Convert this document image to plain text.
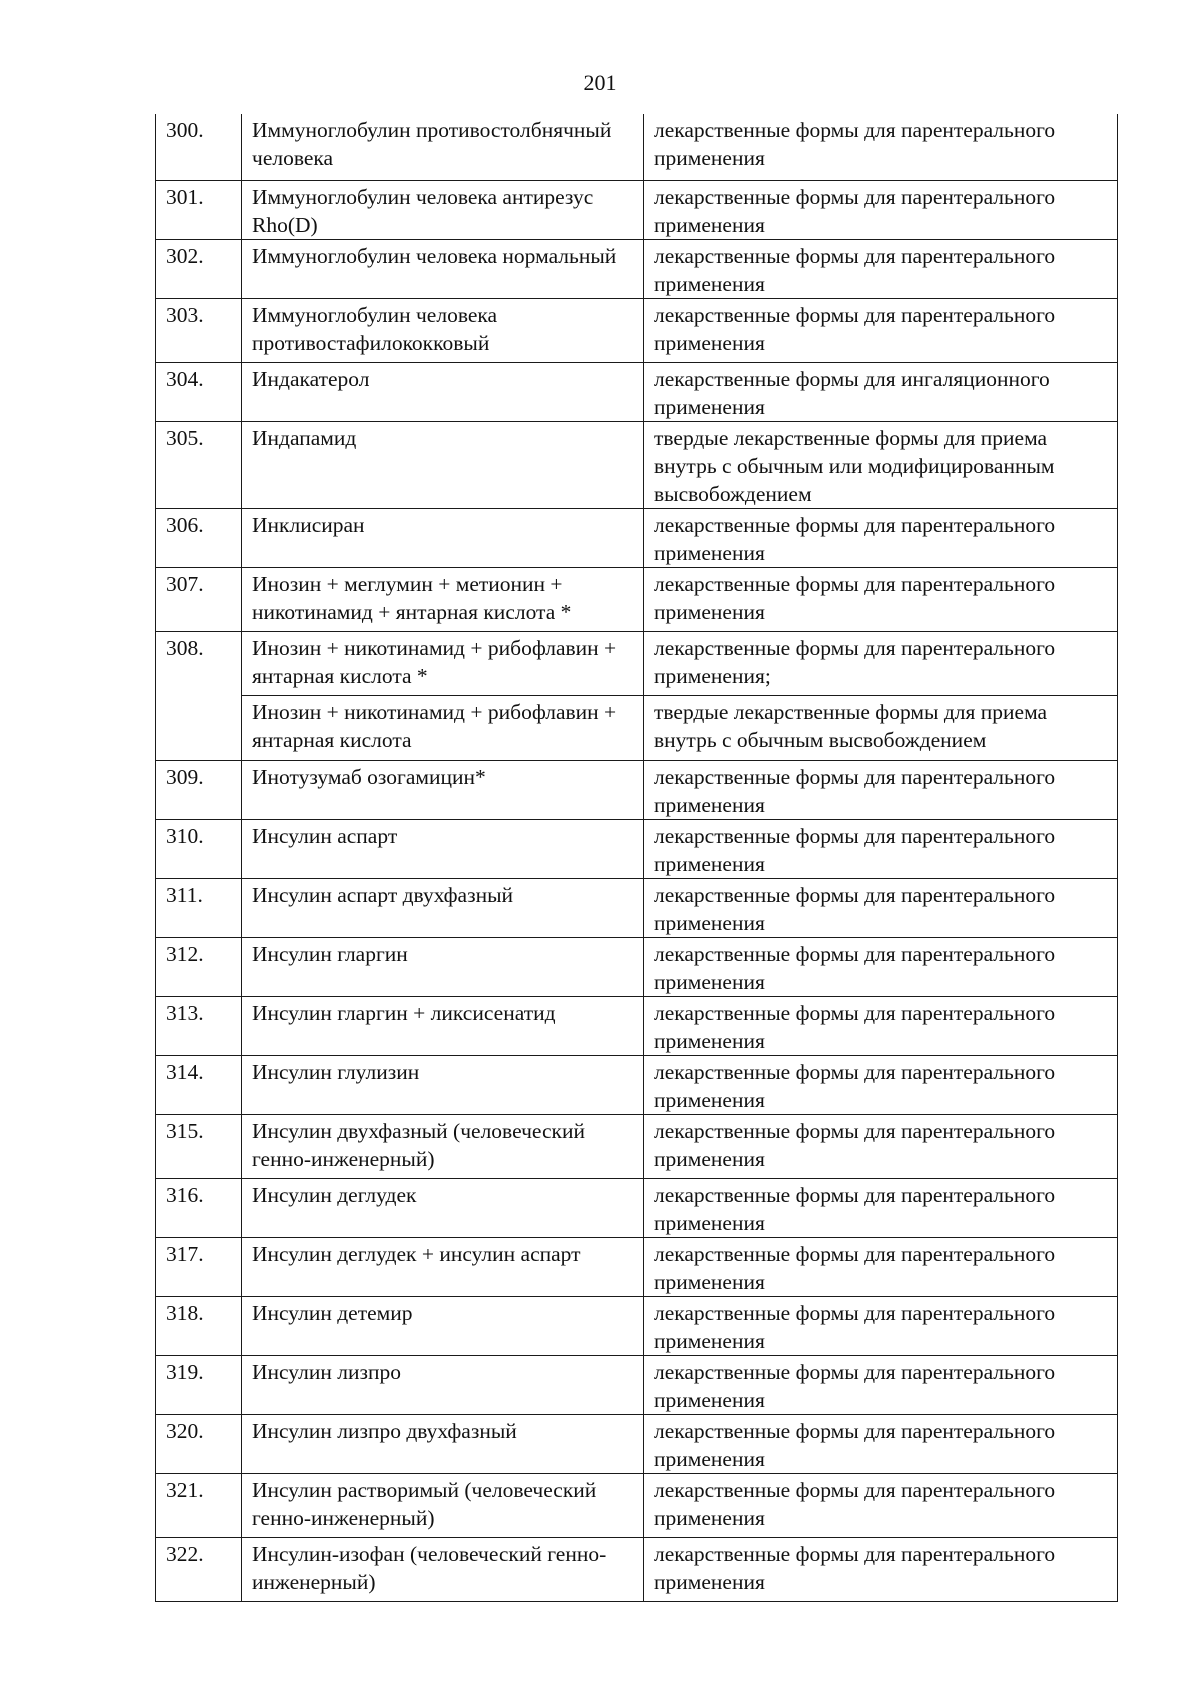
201
300.	Иммуноглобулин противостолбнячный человека	лекарственные формы для парентерального применения
301.	Иммуноглобулин человека антирезус Rho(D)	лекарственные формы для парентерального применения
302.	Иммуноглобулин человека нормальный	лекарственные формы для парентерального применения
303.	Иммуноглобулин человека противостафилококковый	лекарственные формы для парентерального применения
304.	Индакатерол	лекарственные формы для ингаляционного применения
305.	Индапамид	твердые лекарственные формы для приема внутрь с обычным или модифицированным высвобождением
306.	Инклисиран	лекарственные формы для парентерального применения
307.	Инозин + меглумин + метионин + никотинамид + янтарная кислота *	лекарственные формы для парентерального применения
308.	Инозин + никотинамид + рибофлавин + янтарная кислота *	лекарственные формы для парентерального применения;
	Инозин + никотинамид + рибофлавин + янтарная кислота	твердые лекарственные формы для приема внутрь с обычным высвобождением
309.	Инотузумаб озогамицин*	лекарственные формы для парентерального применения
310.	Инсулин аспарт	лекарственные формы для парентерального применения
311.	Инсулин аспарт двухфазный	лекарственные формы для парентерального применения
312.	Инсулин гларгин	лекарственные формы для парентерального применения
313.	Инсулин гларгин + ликсисенатид	лекарственные формы для парентерального применения
314.	Инсулин глулизин	лекарственные формы для парентерального применения
315.	Инсулин двухфазный (человеческий генно-инженерный)	лекарственные формы для парентерального применения
316.	Инсулин деглудек	лекарственные формы для парентерального применения
317.	Инсулин деглудек + инсулин аспарт	лекарственные формы для парентерального применения
318.	Инсулин детемир	лекарственные формы для парентерального применения
319.	Инсулин лизпро	лекарственные формы для парентерального применения
320.	Инсулин лизпро двухфазный	лекарственные формы для парентерального применения
321.	Инсулин растворимый (человеческий генно-инженерный)	лекарственные формы для парентерального применения
322.	Инсулин-изофан (человеческий генно-инженерный)	лекарственные формы для парентерального применения
